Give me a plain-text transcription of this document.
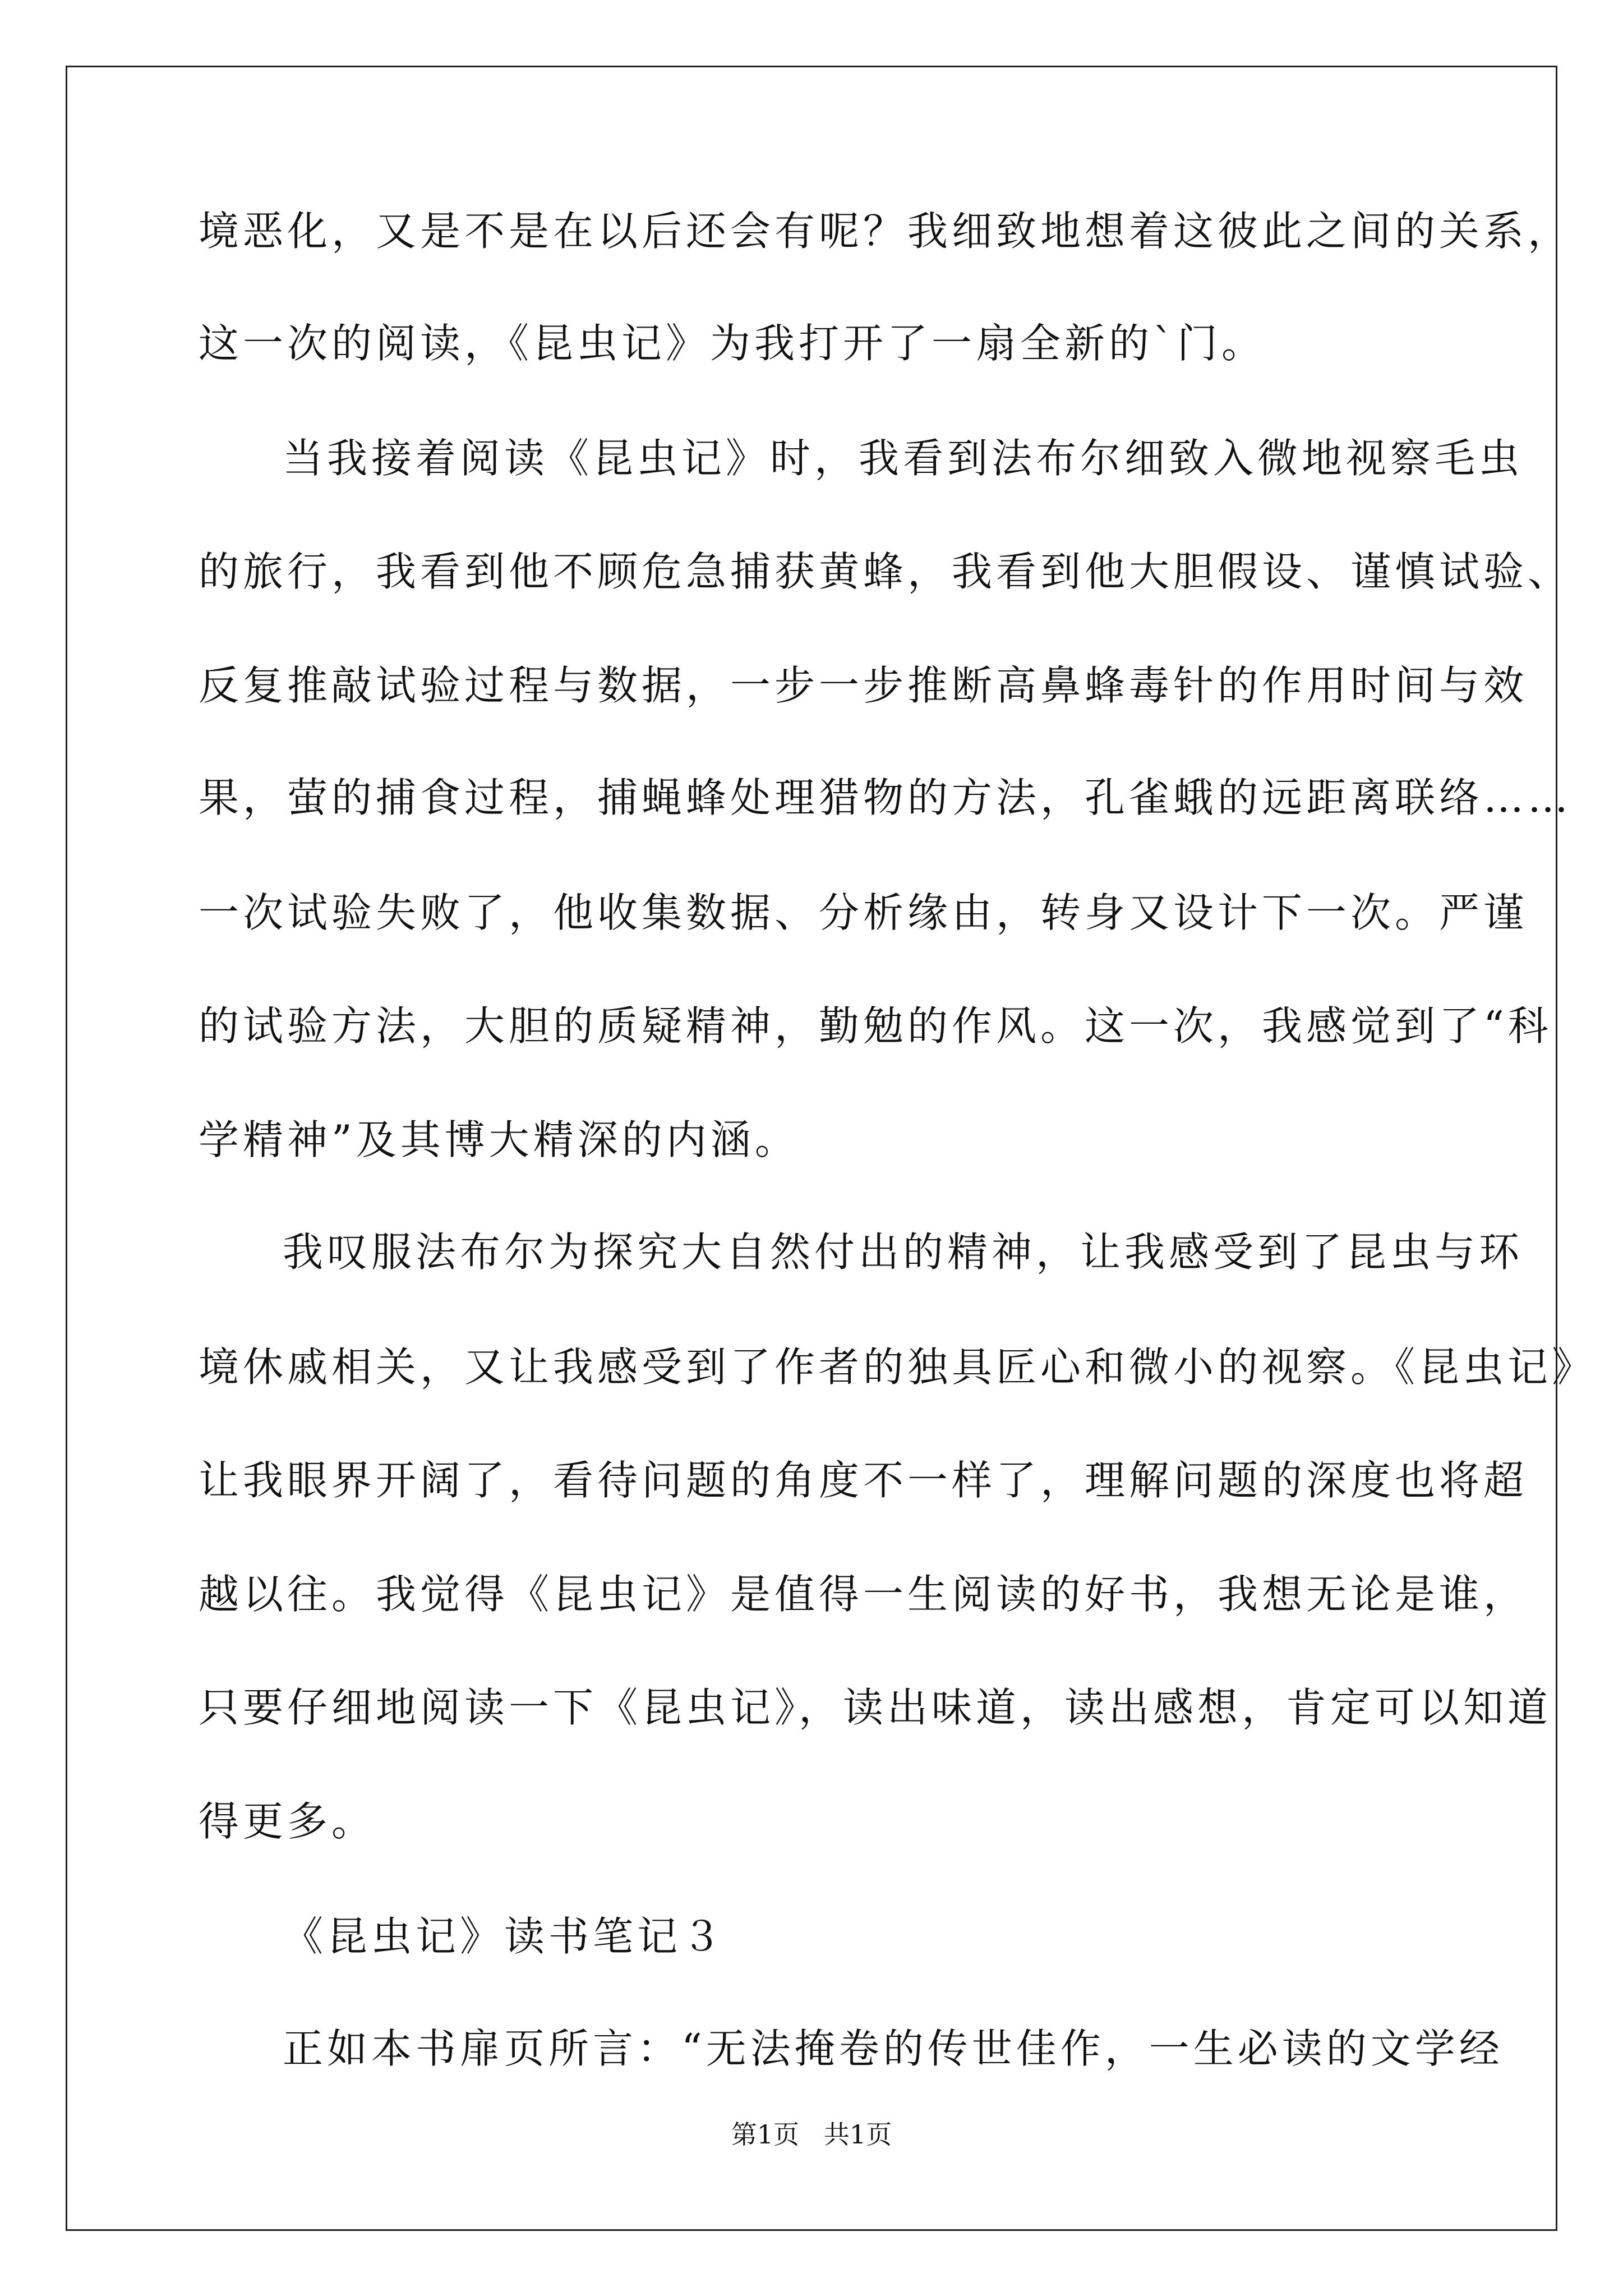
境恶化，又是不是在以后还会有呢？我细致地想着这彼此之间的关系，
这一次的阅读，《昆虫记》为我打开了一扇全新的`门。
当我接着阅读《昆虫记》时，我看到法布尔细致入微地视察毛虫
的旅行，我看到他不顾危急捕获黄蜂，我看到他大胆假设、谨慎试验、
反复推敲试验过程与数据，一步一步推断高鼻蜂毒针的作用时间与效
果，萤的捕食过程，捕蝇蜂处理猎物的方法，孔雀蛾的远距离联络……
一次试验失败了，他收集数据、分析缘由，转身又设计下一次。严谨
的试验方法，大胆的质疑精神，勤勉的作风。这一次，我感觉到了“科
学精神”及其博大精深的内涵。
我叹服法布尔为探究大自然付出的精神，让我感受到了昆虫与环
境休戚相关，又让我感受到了作者的独具匠心和微小的视察。《昆虫记》
让我眼界开阔了，看待问题的角度不一样了，理解问题的深度也将超
越以往。我觉得《昆虫记》是值得一生阅读的好书，我想无论是谁，
只要仔细地阅读一下《昆虫记》，读出味道，读出感想，肯定可以知道
得更多。
《昆虫记》读书笔记３
正如本书扉页所言：“无法掩卷的传世佳作，一生必读的文学经
第1页   共1页
